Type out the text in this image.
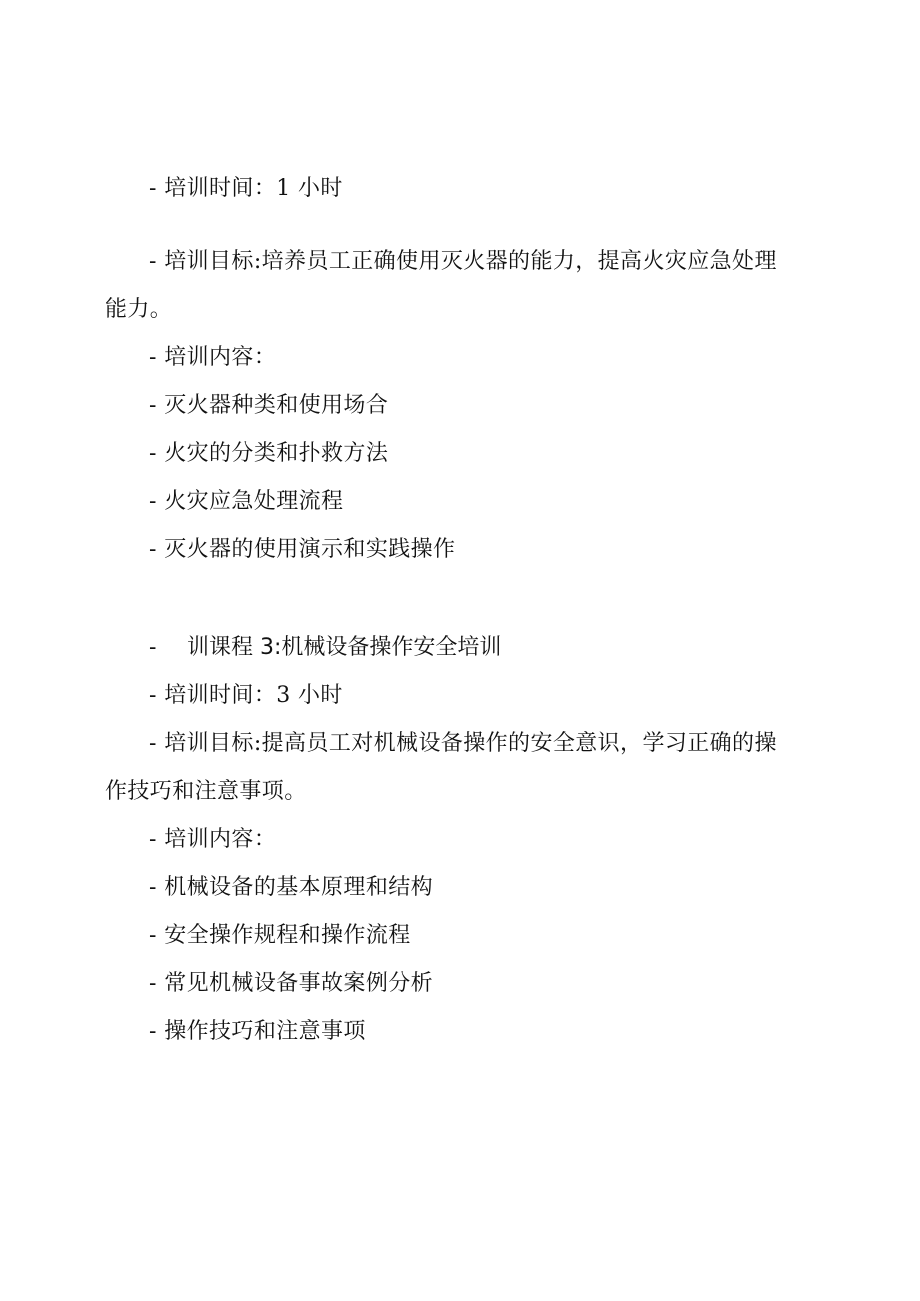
- 培训时间：1 小时
- 培训目标:培养员工正确使用灭火器的能力，提高火灾应急处理
能力。
- 培训内容：
- 灭火器种类和使用场合
- 火灾的分类和扑救方法
- 火灾应急处理流程
- 灭火器的使用演示和实践操作
- 训课程 3:机械设备操作安全培训
- 培训时间：3 小时
- 培训目标:提高员工对机械设备操作的安全意识，学习正确的操
作技巧和注意事项。
- 培训内容：
- 机械设备的基本原理和结构
- 安全操作规程和操作流程
- 常见机械设备事故案例分析
- 操作技巧和注意事项
